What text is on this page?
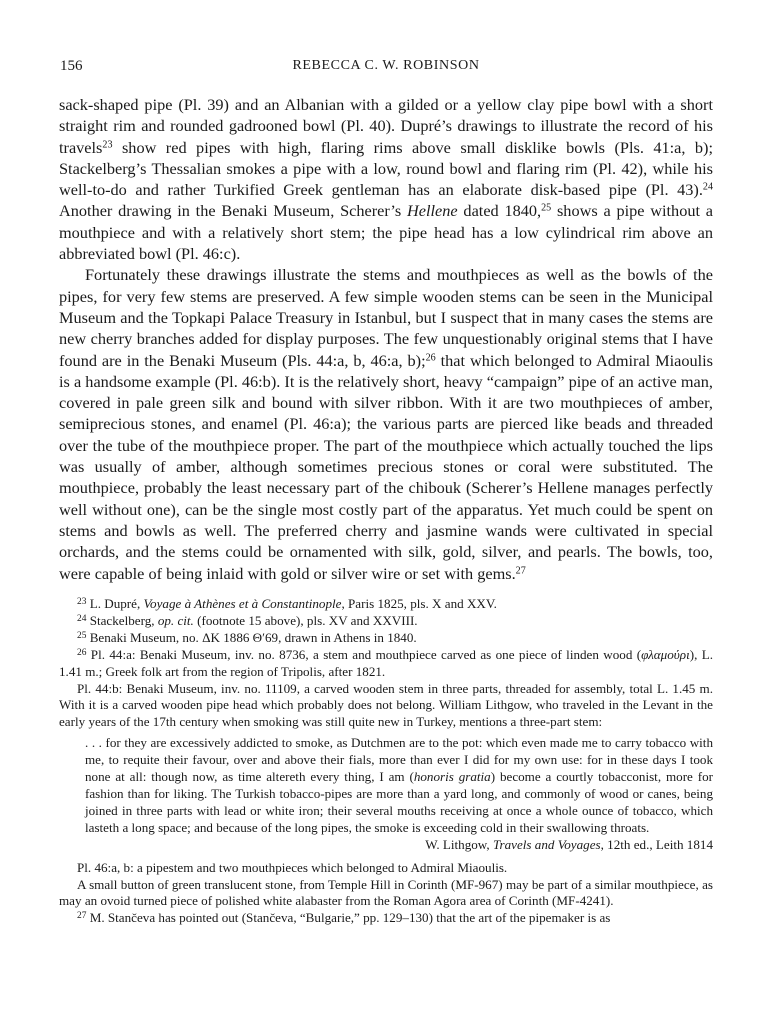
156	REBECCA C. W. ROBINSON

sack-shaped pipe (Pl. 39) and an Albanian with a gilded or a yellow clay pipe bowl with a short straight rim and rounded gadrooned bowl (Pl. 40). Dupré’s drawings to illustrate the record of his travels$^{23}$ show red pipes with high, flaring rims above small disklike bowls (Pls. 41:a, b); Stackelberg’s Thessalian smokes a pipe with a low, round bowl and flaring rim (Pl. 42), while his well-to-do and rather Turkified Greek gentleman has an elaborate disk-based pipe (Pl. 43).$^{24}$ Another drawing in the Benaki Museum, Scherer’s Hellene dated 1840,25 shows a pipe without a mouthpiece and with a relatively short stem; the pipe head has a low cylindrical rim above an abbreviated bowl (Pl. 46:c).

Fortunately these drawings illustrate the stems and mouthpieces as well as the bowls of the pipes, for very few stems are preserved. A few simple wooden stems can be seen in the Municipal Museum and the Topkapi Palace Treasury in Istanbul, but I suspect that in many cases the stems are new cherry branches added for display purposes. The few unquestionably original stems that I have found are in the Benaki Museum (Pls. 44:a, b, 46:a, b);$^{26}$ that which belonged to Admiral Miaoulis is a handsome example (Pl. 46:b). It is the relatively short, heavy “campaign” pipe of an active man, covered in pale green silk and bound with silver ribbon. With it are two mouthpieces of amber, semiprecious stones, and enamel (Pl. 46:a); the various parts are pierced like beads and threaded over the tube of the mouthpiece proper. The part of the mouthpiece which actually touched the lips was usually of amber, although sometimes precious stones or coral were substituted. The mouthpiece, probably the least necessary part of the chibouk (Scherer’s Hellene manages perfectly well without one), can be the single most costly part of the apparatus. Yet much could be spent on stems and bowls as well. The preferred cherry and jasmine wands were cultivated in special orchards, and the stems could be ornamented with silk, gold, silver, and pearls. The bowls, too, were capable of being inlaid with gold or silver wire or set with gems.$^{27}$

$^{23}$ L. Dupré, Voyage à Athènes et à Constantinople, Paris 1825, pls. X and XXV.

$^{24}$ Stackelberg, op. cit. (footnote 15 above), pls. XV and XXVIII.

$^{25}$ Benaki Museum, no. ΔΚ 1886 Θ′69, drawn in Athens in 1840.

$^{26}$ Pl. 44:a: Benaki Museum, inv. no. 8736, a stem and mouthpiece carved as one piece of linden wood (φλαμούρι), L. 1.41 m.; Greek folk art from the region of Tripolis, after 1821.

Pl. 44:b: Benaki Museum, inv. no. 11109, a carved wooden stem in three parts, threaded for assembly, total L. 1.45 m. With it is a carved wooden pipe head which probably does not belong. William Lithgow, who traveled in the Levant in the early years of the 17th century when smoking was still quite new in Turkey, mentions a three-part stem:

. . . for they are excessively addicted to smoke, as Dutchmen are to the pot: which even made me to carry tobacco with me, to requite their favour, over and above their fials, more than ever I did for my own use: for in these days I took none at all: though now, as time altereth every thing, I am (honoris gratia) become a courtly tobacconist, more for fashion than for liking. The Turkish tobacco-pipes are more than a yard long, and commonly of wood or canes, being joined in three parts with lead or white iron; their several mouths receiving at once a whole ounce of tobacco, which lasteth a long space; and because of the long pipes, the smoke is exceeding cold in their swallowing throats.

W. Lithgow, Travels and Voyages, 12th ed., Leith 1814

Pl. 46:a, b: a pipestem and two mouthpieces which belonged to Admiral Miaoulis.

A small button of green translucent stone, from Temple Hill in Corinth (MF-967) may be part of a similar mouthpiece, as may an ovoid turned piece of polished white alabaster from the Roman Agora area of Corinth (MF-4241).

$^{27}$ M. Stančeva has pointed out (Stančeva, “Bulgarie,” pp. 129–130) that the art of the pipemaker is as
